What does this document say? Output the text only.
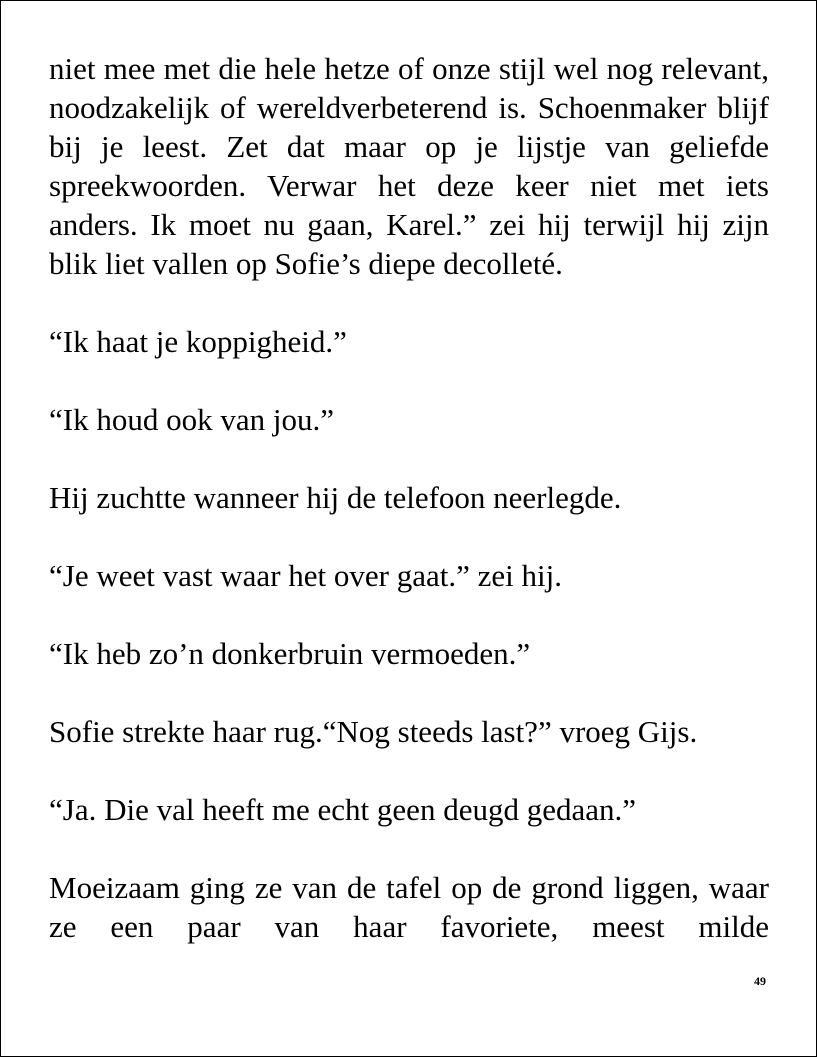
niet mee met die hele hetze of onze stijl wel nog relevant, noodzakelijk of wereldverbeterend is. Schoenmaker blijf bij je leest. Zet dat maar op je lijstje van geliefde spreekwoorden. Verwar het deze keer niet met iets anders. Ik moet nu gaan, Karel.” zei hij terwijl hij zijn blik liet vallen op Sofie’s diepe decolleté.

“Ik haat je koppigheid.”

“Ik houd ook van jou.”

Hij zuchtte wanneer hij de telefoon neerlegde.

“Je weet vast waar het over gaat.” zei hij.

“Ik heb zo’n donkerbruin vermoeden.”

Sofie strekte haar rug.“Nog steeds last?” vroeg Gijs.

“Ja. Die val heeft me echt geen deugd gedaan.”

Moeizaam ging ze van de tafel op de grond liggen, waar ze een paar van haar favoriete, meest milde

49
